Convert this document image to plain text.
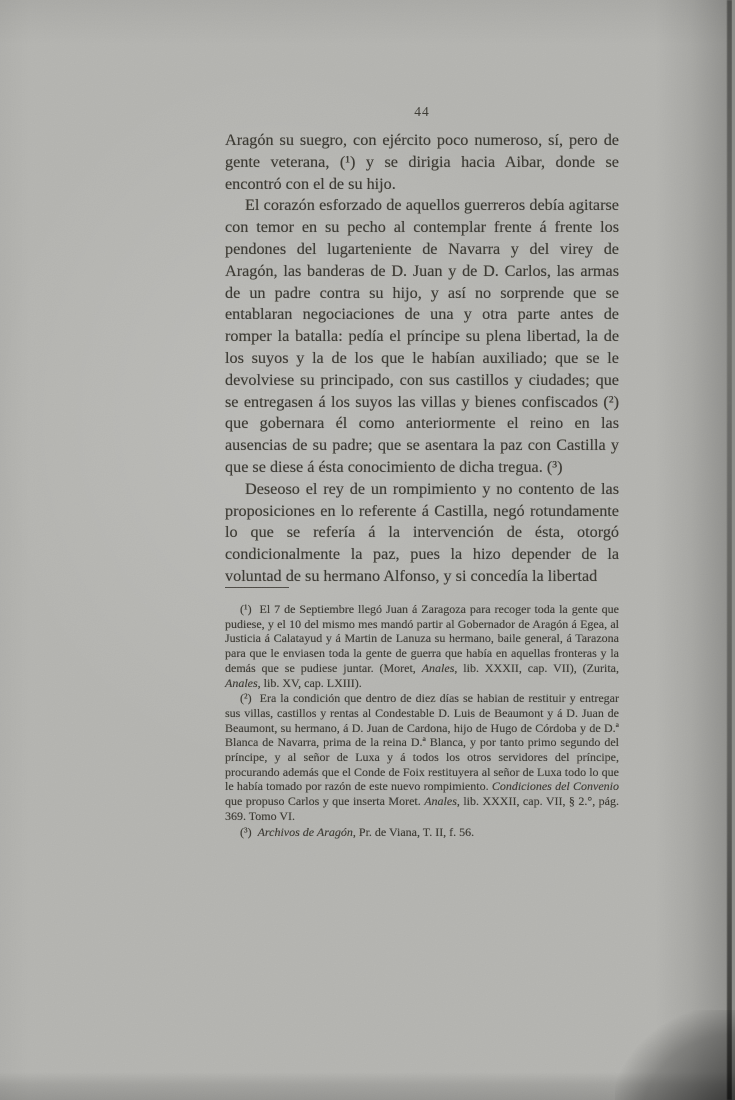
44

Aragón su suegro, con ejército poco numeroso, sí, pero de gente veterana, (¹) y se dirigia hacia Aibar, donde se encontró con el de su hijo.

El corazón esforzado de aquellos guerreros debía agitarse con temor en su pecho al contemplar frente á frente los pendones del lugarteniente de Navarra y del virey de Aragón, las banderas de D. Juan y de D. Carlos, las armas de un padre contra su hijo, y así no sorprende que se entablaran negociaciones de una y otra parte antes de romper la batalla: pedía el príncipe su plena libertad, la de los suyos y la de los que le habían auxiliado; que se le devolviese su principado, con sus castillos y ciudades; que se entregasen á los suyos las villas y bienes confiscados (²) que gobernara él como anteriormente el reino en las ausencias de su padre; que se asentara la paz con Castilla y que se diese á ésta conocimiento de dicha tregua. (³)

Deseoso el rey de un rompimiento y no contento de las proposiciones en lo referente á Castilla, negó rotundamente lo que se refería á la intervención de ésta, otorgó condicionalmente la paz, pues la hizo depender de la voluntad de su hermano Alfonso, y si concedía la libertad

(¹)  El 7 de Septiembre llegó Juan á Zaragoza para recoger toda la gente que pudiese, y el 10 del mismo mes mandó partir al Gobernador de Aragón á Egea, al Justicia á Calatayud y á Martin de Lanuza su hermano, baile general, á Tarazona para que le enviasen toda la gente de guerra que había en aquellas fronteras y la demás que se pudiese juntar. (Moret, Anales, lib. XXXII, cap. VII), (Zurita, Anales, lib. XV, cap. LXIII).

(²)  Era la condición que dentro de diez días se habian de restituir y entregar sus villas, castillos y rentas al Condestable D. Luis de Beaumont y á D. Juan de Beaumont, su hermano, á D. Juan de Cardona, hijo de Hugo de Córdoba y de D.ª Blanca de Navarra, prima de la reina D.ª Blanca, y por tanto primo segundo del príncipe, y al señor de Luxa y á todos los otros servidores del príncipe, procurando además que el Conde de Foix restituyera al señor de Luxa todo lo que le había tomado por razón de este nuevo rompimiento. Condiciones del Convenio que propuso Carlos y que inserta Moret. Anales, lib. XXXII, cap. VII, § 2.°, pág. 369. Tomo VI.

(³)  Archivos de Aragón, Pr. de Viana, T. II, f. 56.
